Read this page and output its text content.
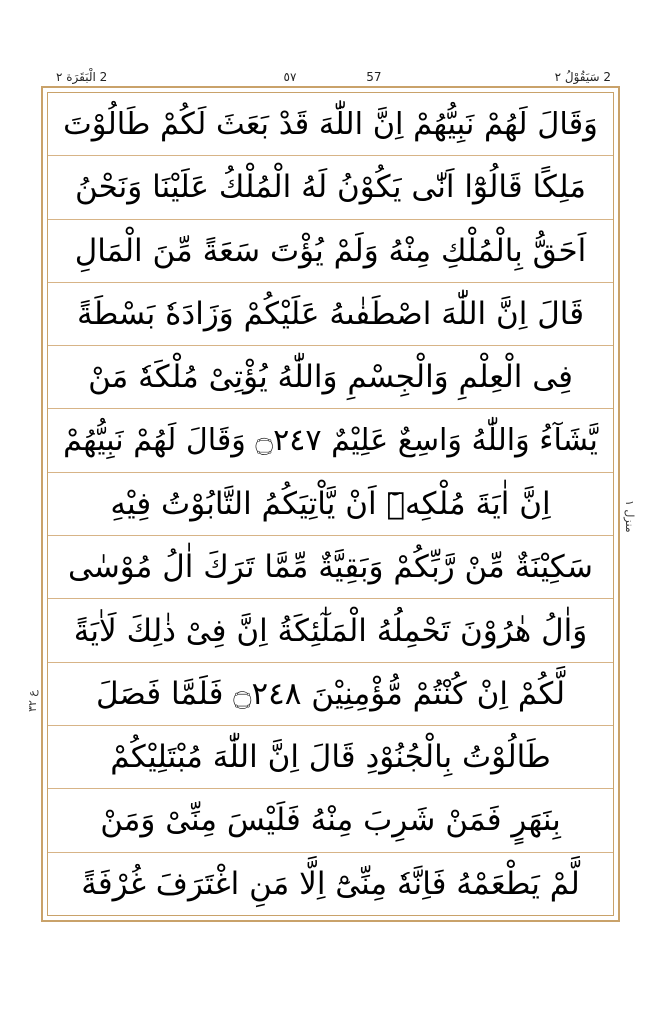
2 سَيَقُوْلُ ٢
٥٧	57
2 الْبَقَرَة ٢
منزل ١
ع ٣٢
وَقَالَ لَهُمْ نَبِيُّهُمْ اِنَّ اللّٰهَ قَدْ بَعَثَ لَكُمْ طَالُوْتَ
مَلِكًا قَالُوْٓا اَنّٰى يَكُوْنُ لَهُ الْمُلْكُ عَلَيْنَا وَنَحْنُ
اَحَقُّ بِالْمُلْكِ مِنْهُ وَلَمْ يُؤْتَ سَعَةً مِّنَ الْمَالِ
قَالَ اِنَّ اللّٰهَ اصْطَفٰىهُ عَلَيْكُمْ وَزَادَهٗ بَسْطَةً
فِى الْعِلْمِ وَالْجِسْمِ وَاللّٰهُ يُؤْتِىْ مُلْكَهٗ مَنْ
يَّشَآءُ وَاللّٰهُ وَاسِعٌ عَلِيْمٌ ۝٢٤٧ وَقَالَ لَهُمْ نَبِيُّهُمْ
اِنَّ اٰيَةَ مُلْكِهٖٓ اَنْ يَّاْتِيَكُمُ التَّابُوْتُ فِيْهِ
سَكِيْنَةٌ مِّنْ رَّبِّكُمْ وَبَقِيَّةٌ مِّمَّا تَرَكَ اٰلُ مُوْسٰى
وَاٰلُ هٰرُوْنَ تَحْمِلُهُ الْمَلٰٓئِكَةُ اِنَّ فِىْ ذٰلِكَ لَاٰيَةً
لَّكُمْ اِنْ كُنْتُمْ مُّؤْمِنِيْنَ ۝٢٤٨ فَلَمَّا فَصَلَ
طَالُوْتُ بِالْجُنُوْدِ قَالَ اِنَّ اللّٰهَ مُبْتَلِيْكُمْ
بِنَهَرٍ فَمَنْ شَرِبَ مِنْهُ فَلَيْسَ مِنِّىْ وَمَنْ
لَّمْ يَطْعَمْهُ فَاِنَّهٗ مِنِّىْٓ اِلَّا مَنِ اغْتَرَفَ غُرْفَةً
